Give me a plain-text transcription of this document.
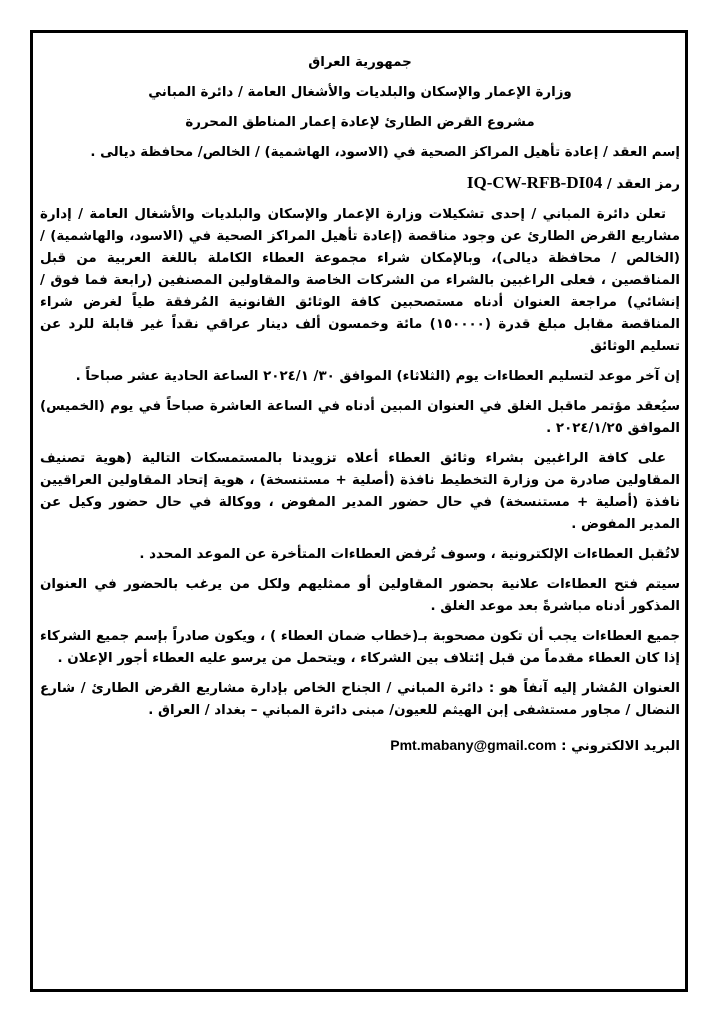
جمهورية العراق

وزارة الإعمار والإسكان والبلديات والأشغال العامة / دائرة المباني

مشروع القرض الطارئ لإعادة إعمار المناطق المحررة

إسم العقد / إعادة تأهيل المراكز الصحية في (الاسود، الهاشمية) / الخالص/ محافظة ديالى .

رمز العقد / IQ-CW-RFB-DI04

تعلن دائرة المباني / إحدى تشكيلات وزارة الإعمار والإسكان والبلديات والأشغال العامة / إدارة مشاريع القرض الطارئ عن وجود مناقصة (إعادة تأهيل المراكز الصحية في (الاسود، والهاشمية) / (الخالص / محافظة ديالى)، وبالإمكان شراء مجموعة العطاء الكاملة باللغة العربية من قبل المناقصين ، فعلى الراغبين بالشراء من الشركات الخاصة والمقاولين المصنفين (رابعة فما فوق / إنشائي) مراجعة العنوان أدناه مستصحبين كافة الوثائق القانونية المُرفقة طياً لغرض شراء المناقصة مقابل مبلغ قدرة (١٥٠٠٠٠) مائة وخمسون ألف دينار عراقي نقداً غير قابلة للرد عن تسليم الوثائق

إن آخر موعد لتسليم العطاءات يوم (الثلاثاء) الموافق ٣٠/ ٢٠٢٤/١ الساعة الحادية عشر صباحاً .

سيُعقد مؤتمر ماقبل الغلق في العنوان المبين أدناه في الساعة العاشرة صباحاً في يوم (الخميس) الموافق ٢٠٢٤/١/٢٥ .

على كافة الراغبين بشراء وثائق العطاء أعلاه تزويدنا بالمستمسكات التالية (هوية تصنيف المقاولين صادرة من وزارة التخطيط نافذة (أصلية + مستنسخة) ، هوية إتحاد المقاولين العراقيين نافذة (أصلية + مستنسخة) في حال حضور المدير المفوض ، ووكالة في حال حضور وكيل عن المدير المفوض .

لاتُقبل العطاءات الإلكترونية ، وسوف تُرفض العطاءات المتأخرة عن الموعد المحدد .

سيتم فتح العطاءات علانية بحضور المقاولين أو ممثليهم ولكل من يرغب بالحضور في العنوان المذكور أدناه مباشرةً بعد موعد الغلق .

جميع العطاءات يجب أن تكون مصحوبة بـ(خطاب ضمان العطاء ) ، ويكون صادراً بإسم جميع الشركاء إذا كان العطاء مقدماً من قبل إئتلاف بين الشركاء ، ويتحمل من يرسو عليه العطاء أجور الإعلان .

العنوان المُشار إليه آنفاً هو : دائرة المباني / الجناح الخاص بإدارة مشاريع القرض الطارئ / شارع النضال / مجاور مستشفى إبن الهيثم للعيون/ مبنى دائرة المباني – بغداد / العراق .

البريد الالكتروني : Pmt.mabany@gmail.com
